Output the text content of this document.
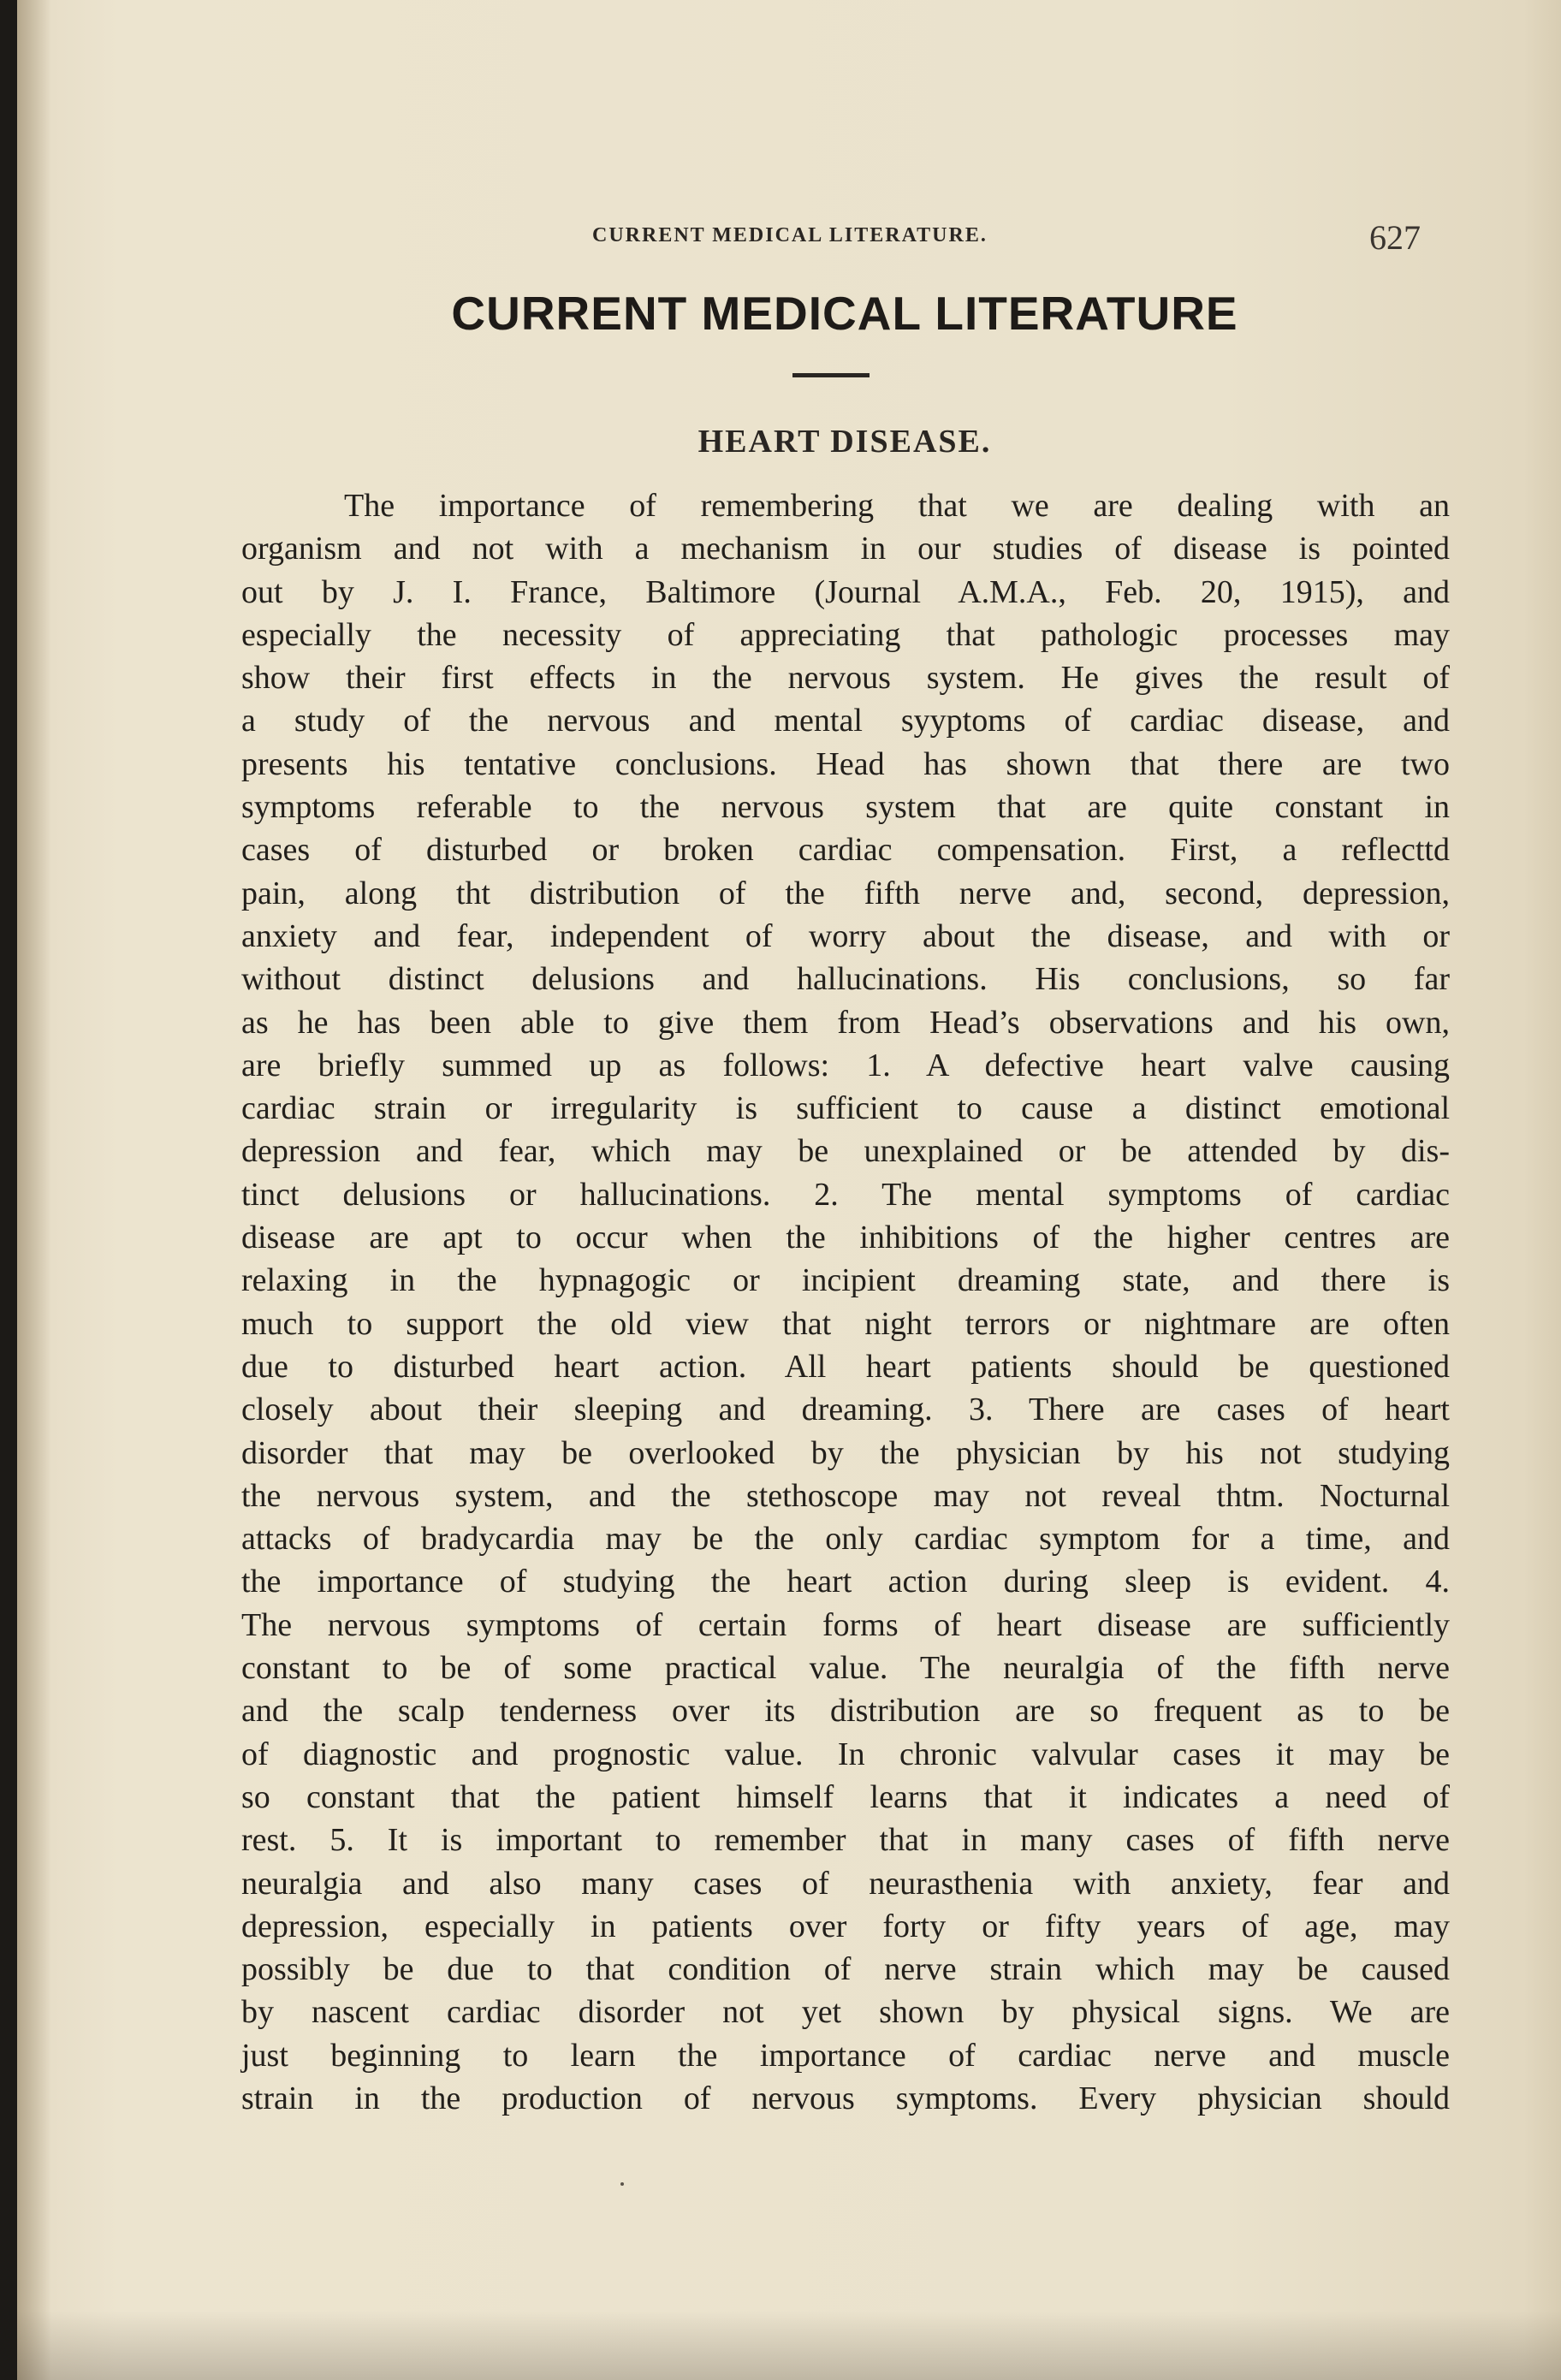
CURRENT MEDICAL LITERATURE.	627
CURRENT MEDICAL LITERATURE
HEART DISEASE.
The importance of remembering that we are dealing with an
organism and not with a mechanism in our studies of disease is pointed
out by J. I. France, Baltimore (Journal A.M.A., Feb. 20, 1915), and
especially the necessity of appreciating that pathologic processes may
show their first effects in the nervous system. He gives the result of
a study of the nervous and mental syyptoms of cardiac disease, and
presents his tentative conclusions. Head has shown that there are two
symptoms referable to the nervous system that are quite constant in
cases of disturbed or broken cardiac compensation. First, a reflecttd
pain, along tht distribution of the fifth nerve and, second, depression,
anxiety and fear, independent of worry about the disease, and with or
without distinct delusions and hallucinations. His conclusions, so far
as he has been able to give them from Head’s observations and his own,
are briefly summed up as follows: 1. A defective heart valve causing
cardiac strain or irregularity is sufficient to cause a distinct emotional
depression and fear, which may be unexplained or be attended by dis-
tinct delusions or hallucinations. 2. The mental symptoms of cardiac
disease are apt to occur when the inhibitions of the higher centres are
relaxing in the hypnagogic or incipient dreaming state, and there is
much to support the old view that night terrors or nightmare are often
due to disturbed heart action. All heart patients should be questioned
closely about their sleeping and dreaming. 3. There are cases of heart
disorder that may be overlooked by the physician by his not studying
the nervous system, and the stethoscope may not reveal thtm. Nocturnal
attacks of bradycardia may be the only cardiac symptom for a time, and
the importance of studying the heart action during sleep is evident. 4.
The nervous symptoms of certain forms of heart disease are sufficiently
constant to be of some practical value. The neuralgia of the fifth nerve
and the scalp tenderness over its distribution are so frequent as to be
of diagnostic and prognostic value. In chronic valvular cases it may be
so constant that the patient himself learns that it indicates a need of
rest. 5. It is important to remember that in many cases of fifth nerve
neuralgia and also many cases of neurasthenia with anxiety, fear and
depression, especially in patients over forty or fifty years of age, may
possibly be due to that condition of nerve strain which may be caused
by nascent cardiac disorder not yet shown by physical signs. We are
just beginning to learn the importance of cardiac nerve and muscle
strain in the production of nervous symptoms. Every physician should
